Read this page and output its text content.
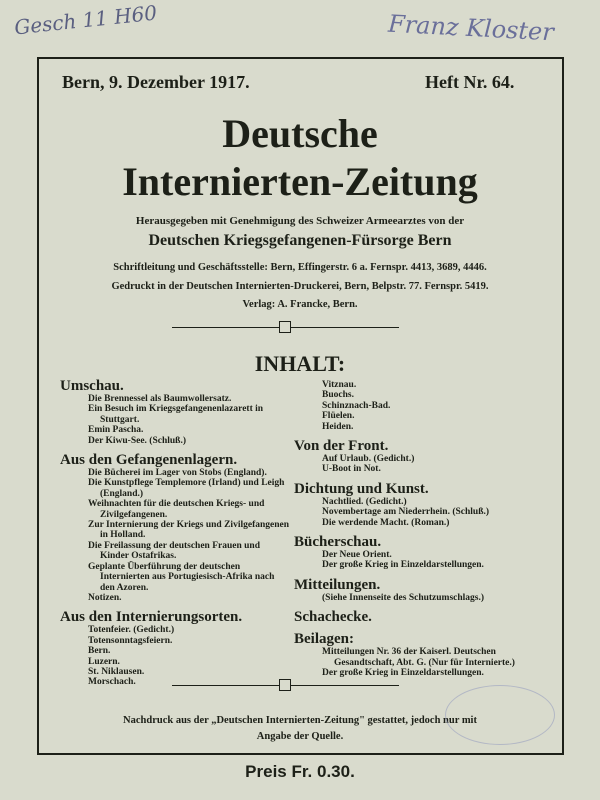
Gesch 11 H60	Franz Kloster
Bern, 9. Dezember 1917.	Heft Nr. 64.
Deutsche
Internierten-Zeitung
Herausgegeben mit Genehmigung des Schweizer Armeearztes von der
Deutschen Kriegsgefangenen-Fürsorge Bern
Schriftleitung und Geschäftsstelle: Bern, Effingerstr. 6 a. Fernspr. 4413, 3689, 4446.
Gedruckt in der Deutschen Internierten-Druckerei, Bern, Belpstr. 77. Fernspr. 5419.
Verlag: A. Francke, Bern.
INHALT:
Umschau.
Die Brennessel als Baumwollersatz.
Ein Besuch im Kriegsgefangenenlazarett in Stuttgart.
Emin Pascha.
Der Kiwu-See. (Schluß.)
Aus den Gefangenenlagern.
Die Bücherei im Lager von Stobs (England).
Die Kunstpflege Templemore (Irland) und Leigh (England.)
Weihnachten für die deutschen Kriegs- und Zivilgefangenen.
Zur Internierung der Kriegs und Zivilgefangenen in Holland.
Die Freilassung der deutschen Frauen und Kinder Ostafrikas.
Geplante Überführung der deutschen Internierten aus Portugiesisch-Afrika nach den Azoren.
Notizen.
Aus den Internierungsorten.
Totenfeier. (Gedicht.)
Totensonntagsfeiern.
Bern.
Luzern.
St. Niklausen.
Morschach.
Vitznau.
Buochs.
Schinznach-Bad.
Flüelen.
Heiden.
Von der Front.
Auf Urlaub. (Gedicht.)
U-Boot in Not.
Dichtung und Kunst.
Nachtlied. (Gedicht.)
Novembertage am Niederrhein. (Schluß.)
Die werdende Macht. (Roman.)
Bücherschau.
Der Neue Orient.
Der große Krieg in Einzeldarstellungen.
Mitteilungen.
(Siehe Innenseite des Schutzumschlags.)
Schachecke.
Beilagen:
Mitteilungen Nr. 36 der Kaiserl. Deutschen Gesandtschaft, Abt. G. (Nur für Internierte.)
Der große Krieg in Einzeldarstellungen.
Nachdruck aus der „Deutschen Internierten-Zeitung" gestattet, jedoch nur mit
Angabe der Quelle.
Preis Fr. 0.30.
